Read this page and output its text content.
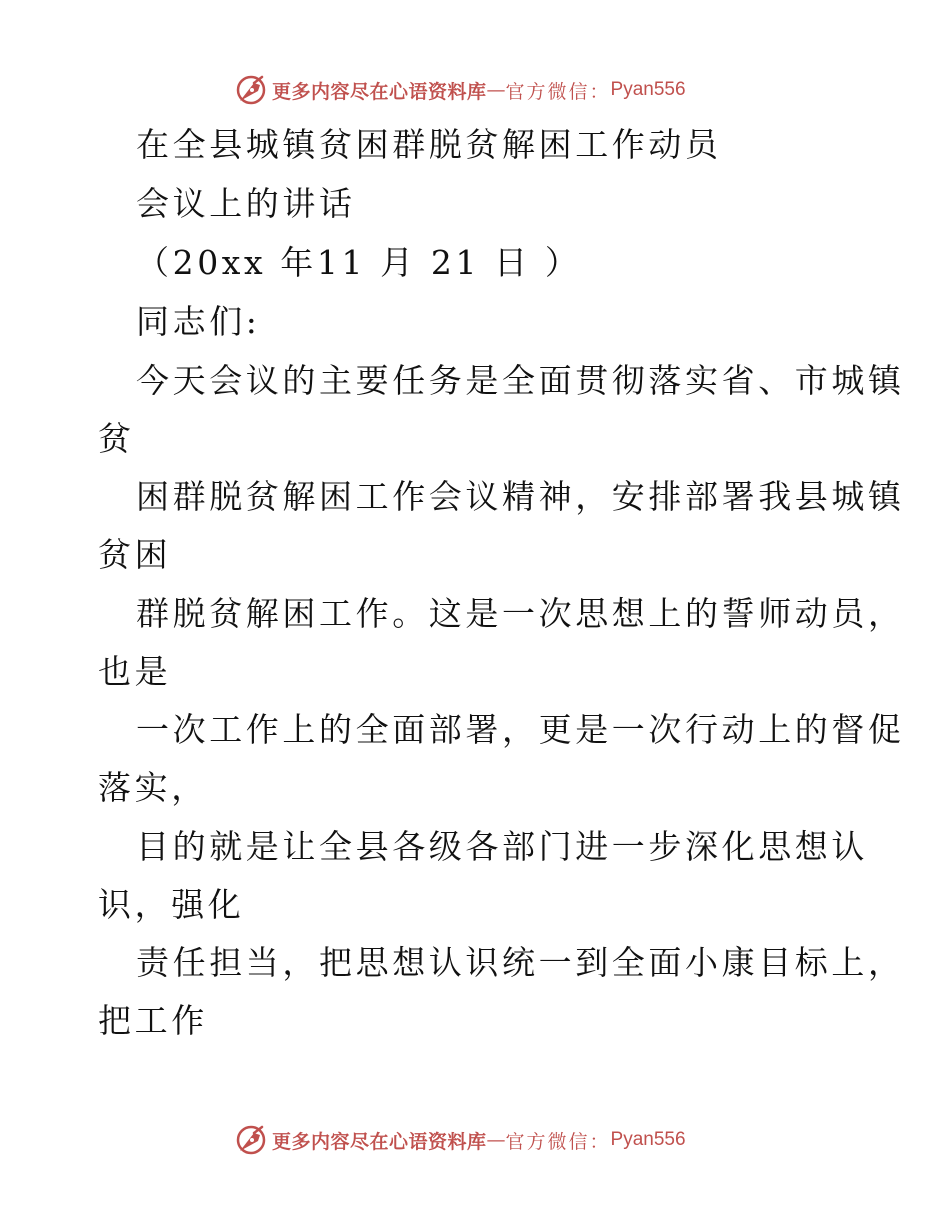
更多内容尽在心语资料库 — 官方微信： Pyan556
在全县城镇贫困群脱贫解困工作动员
会议上的讲话
（20xx 年11 月 21 日 ）
同志们:
今天会议的主要任务是全面贯彻落实省、市城镇
贫
困群脱贫解困工作会议精神，安排部署我县城镇
贫困
群脱贫解困工作。这是一次思想上的誓师动员，
也是
一次工作上的全面部署，更是一次行动上的督促
落实，
目的就是让全县各级各部门进一步深化思想认
识，强化
责任担当，把思想认识统一到全面小康目标上，
把工作
更多内容尽在心语资料库 — 官方微信： Pyan556
